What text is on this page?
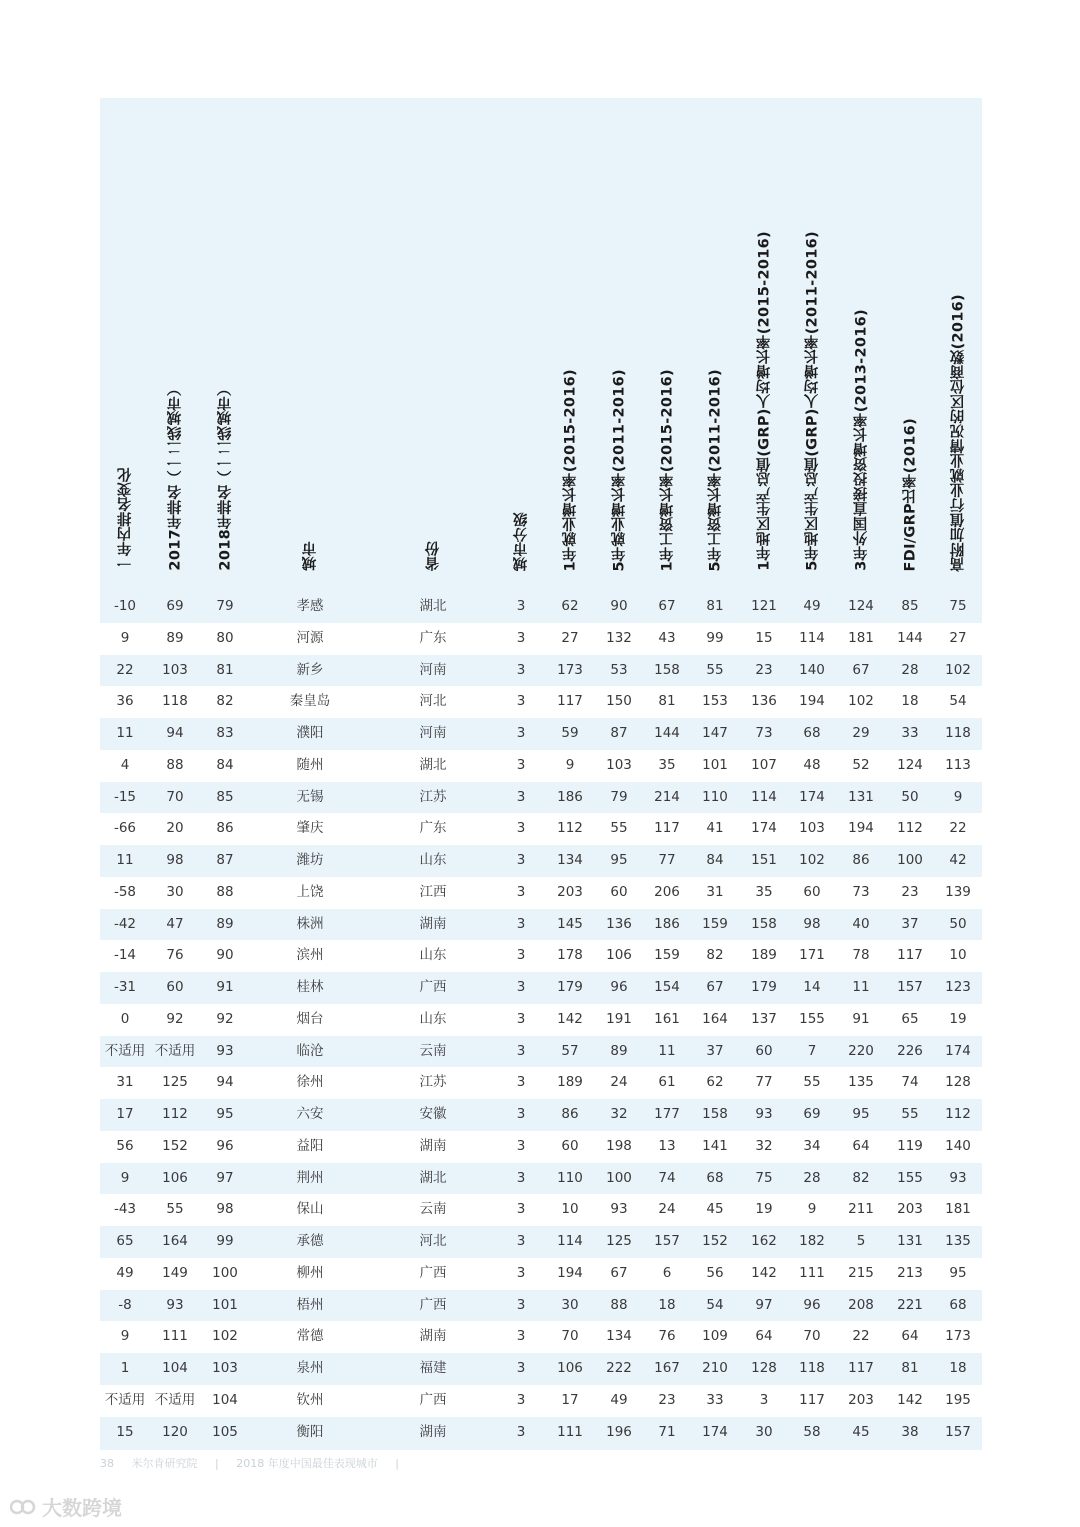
一年内排名变化 2017年排名（一二线城市） 2018年排名（一二线城市）	城市	省份	城市分级 1年就业增长率(2015-2016) 5年就业增长率(2011-2016) 1年工资增长率(2015-2016) 5年工资增长率(2011-2016) 1年地区生产总值(GRP)人均增长率(2015-2016) 5年地区生产总值(GRP)人均增长率(2011-2016) 3年外国直接投资增长率(2013-2016) FDI/GRP比率(2016) 高附加值行业就业情况的区位商数(2016)
-10	69	79	孝感	湖北	3	62	90	67	81	121	49	124	85	75
9	89	80	河源	广东	3	27	132	43	99	15	114	181	144	27
22	103	81	新乡	河南	3	173	53	158	55	23	140	67	28	102
36	118	82	秦皇岛	河北	3	117	150	81	153	136	194	102	18	54
11	94	83	濮阳	河南	3	59	87	144	147	73	68	29	33	118
4	88	84	随州	湖北	3	9	103	35	101	107	48	52	124	113
-15	70	85	无锡	江苏	3	186	79	214	110	114	174	131	50	9
-66	20	86	肇庆	广东	3	112	55	117	41	174	103	194	112	22
11	98	87	潍坊	山东	3	134	95	77	84	151	102	86	100	42
-58	30	88	上饶	江西	3	203	60	206	31	35	60	73	23	139
-42	47	89	株洲	湖南	3	145	136	186	159	158	98	40	37	50
-14	76	90	滨州	山东	3	178	106	159	82	189	171	78	117	10
-31	60	91	桂林	广西	3	179	96	154	67	179	14	11	157	123
0	92	92	烟台	山东	3	142	191	161	164	137	155	91	65	19
不适用 不适用	93	临沧	云南	3	57	89	11	37	60	7	220	226	174
31	125	94	徐州	江苏	3	189	24	61	62	77	55	135	74	128
17	112	95	六安	安徽	3	86	32	177	158	93	69	95	55	112
56	152	96	益阳	湖南	3	60	198	13	141	32	34	64	119	140
9	106	97	荆州	湖北	3	110	100	74	68	75	28	82	155	93
-43	55	98	保山	云南	3	10	93	24	45	19	9	211	203	181
65	164	99	承德	河北	3	114	125	157	152	162	182	5	131	135
49	149	100	柳州	广西	3	194	67	6	56	142	111	215	213	95
-8	93	101	梧州	广西	3	30	88	18	54	97	96	208	221	68
9	111	102	常德	湖南	3	70	134	76	109	64	70	22	64	173
1	104	103	泉州	福建	3	106	222	167	210	128	118	117	81	18
不适用 不适用	104	钦州	广西	3	17	49	23	33	3	117	203	142	195
15	120	105	衡阳	湖南	3	111	196	71	174	30	58	45	38	157
38 米尔肯研究院 | 2018 年度中国最佳表现城市 |
大数跨境
